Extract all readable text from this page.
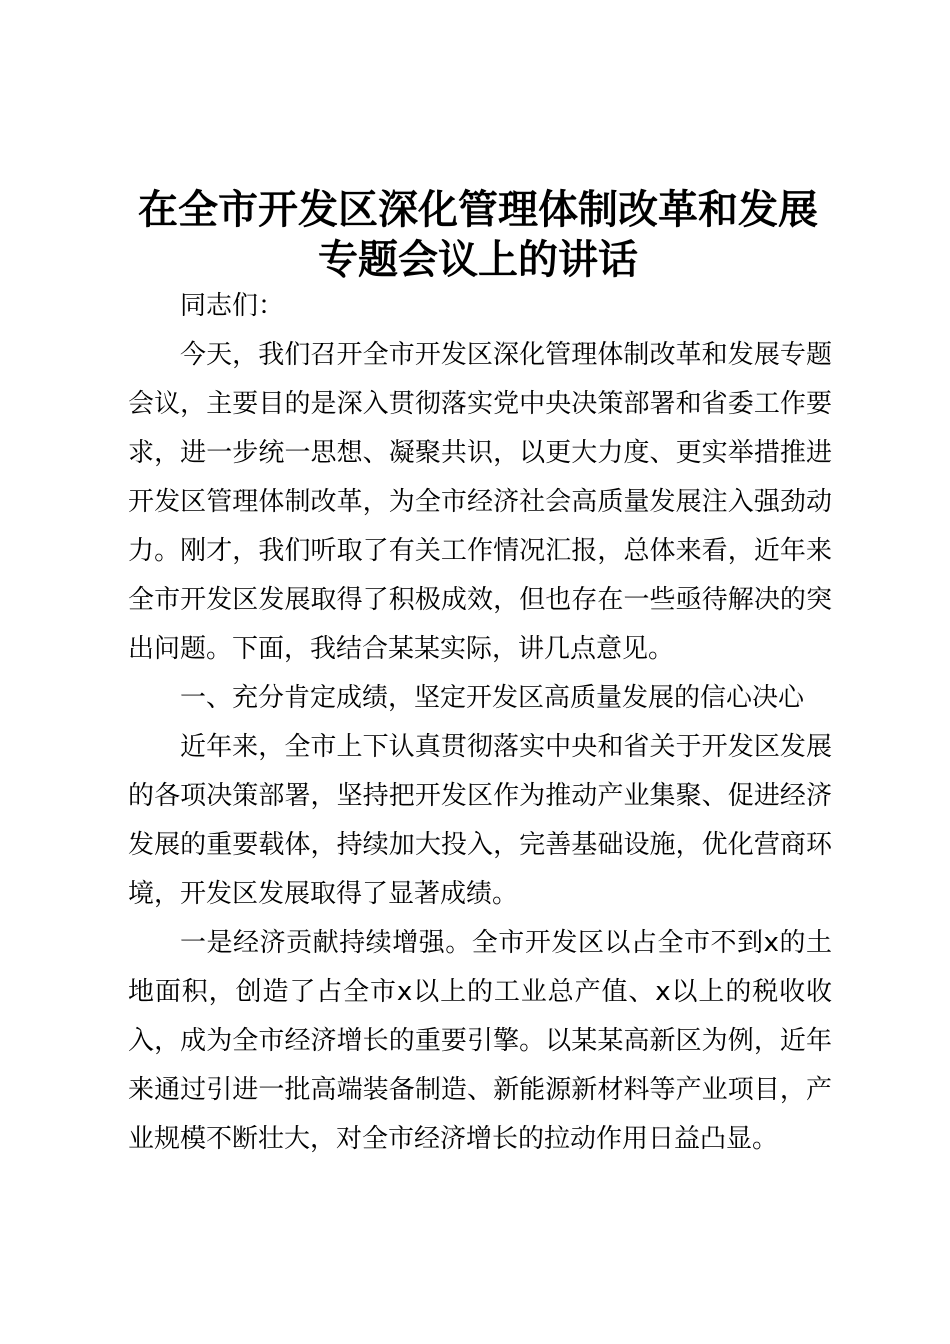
在全市开发区深化管理体制改革和发展
专题会议上的讲话

同志们：

今天，我们召开全市开发区深化管理体制改革和发展专题会议，主要目的是深入贯彻落实党中央决策部署和省委工作要求，进一步统一思想、凝聚共识，以更大力度、更实举措推进开发区管理体制改革，为全市经济社会高质量发展注入强劲动力。刚才，我们听取了有关工作情况汇报，总体来看，近年来全市开发区发展取得了积极成效，但也存在一些亟待解决的突出问题。下面，我结合某某实际，讲几点意见。

一、充分肯定成绩，坚定开发区高质量发展的信心决心

近年来，全市上下认真贯彻落实中央和省关于开发区发展的各项决策部署，坚持把开发区作为推动产业集聚、促进经济发展的重要载体，持续加大投入，完善基础设施，优化营商环境，开发区发展取得了显著成绩。

一是经济贡献持续增强。全市开发区以占全市不到x的土地面积，创造了占全市x以上的工业总产值、x以上的税收收入，成为全市经济增长的重要引擎。以某某高新区为例，近年来通过引进一批高端装备制造、新能源新材料等产业项目，产业规模不断壮大，对全市经济增长的拉动作用日益凸显。
